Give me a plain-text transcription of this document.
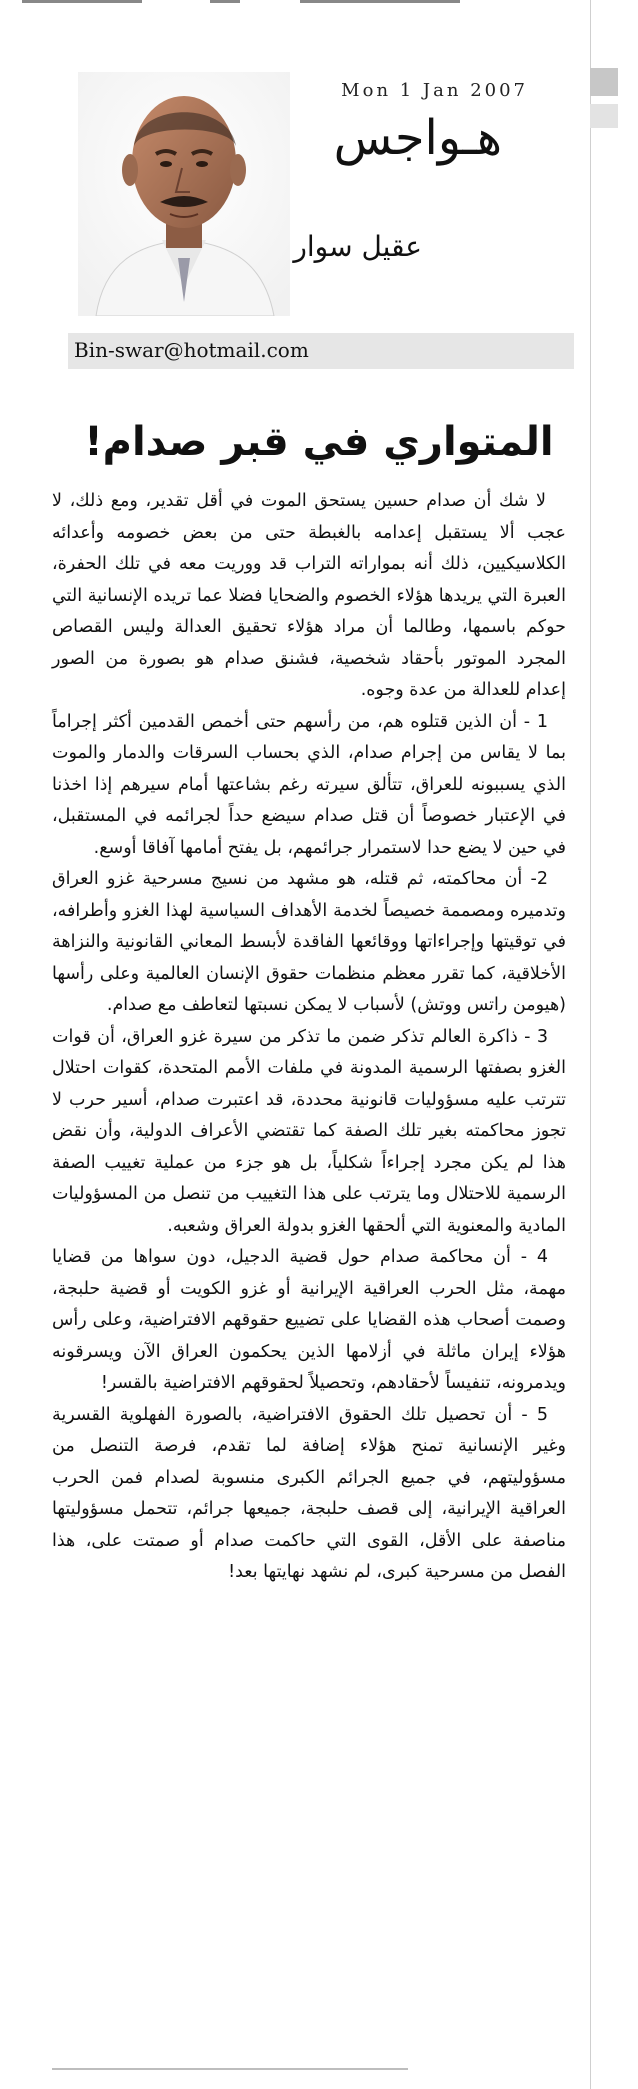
Mon 1 Jan 2007
هـواجس
عقيل سوار
Bin-swar@hotmail.com
المتواري في قبر صدام!

لا شك أن صدام حسين يستحق الموت في أقل تقدير، ومع ذلك، لا عجب ألا يستقبل إعدامه بالغبطة حتى من بعض خصومه وأعدائه الكلاسيكيين، ذلك أنه بمواراته التراب قد ووريت معه في تلك الحفرة، العبرة التي يريدها هؤلاء الخصوم والضحايا فضلا عما تريده الإنسانية التي حوكم باسمها، وطالما أن مراد هؤلاء تحقيق العدالة وليس القصاص المجرد الموتور بأحقاد شخصية، فشنق صدام هو بصورة من الصور إعدام للعدالة من عدة وجوه.

1 - أن الذين قتلوه هم، من رأسهم حتى أخمص القدمين أكثر إجراماً بما لا يقاس من إجرام صدام، الذي بحساب السرقات والدمار والموت الذي يسببونه للعراق، تتألق سيرته رغم بشاعتها أمام سيرهم إذا اخذنا في الإعتبار خصوصاً أن قتل صدام سيضع حداً لجرائمه في المستقبل، في حين لا يضع حدا لاستمرار جرائمهم، بل يفتح أمامها آفاقا أوسع.

2- أن محاكمته، ثم قتله، هو مشهد من نسيج مسرحية غزو العراق وتدميره ومصممة خصيصاً لخدمة الأهداف السياسية لهذا الغزو وأطرافه، في توقيتها وإجراءاتها ووقائعها الفاقدة لأبسط المعاني القانونية والنزاهة الأخلاقية، كما تقرر معظم منظمات حقوق الإنسان العالمية وعلى رأسها (هيومن راتس ووتش) لأسباب لا يمكن نسبتها لتعاطف مع صدام.

3 - ذاكرة العالم تذكر ضمن ما تذكر من سيرة غزو العراق، أن قوات الغزو بصفتها الرسمية المدونة في ملفات الأمم المتحدة، كقوات احتلال تترتب عليه مسؤوليات قانونية محددة، قد اعتبرت صدام، أسير حرب لا تجوز محاكمته بغير تلك الصفة كما تقتضي الأعراف الدولية، وأن نقض هذا لم يكن مجرد إجراءاً شكلياً، بل هو جزء من عملية تغييب الصفة الرسمية للاحتلال وما يترتب على هذا التغييب من تنصل من المسؤوليات المادية والمعنوية التي ألحقها الغزو بدولة العراق وشعبه.

4 - أن محاكمة صدام حول قضية الدجيل، دون سواها من قضايا مهمة، مثل الحرب العراقية الإيرانية أو غزو الكويت أو قضية حلبجة، وصمت أصحاب هذه القضايا على تضييع حقوقهم الافتراضية، وعلى رأس هؤلاء إيران ماثلة في أزلامها الذين يحكمون العراق الآن ويسرقونه ويدمرونه، تنفيساً لأحقادهم، وتحصيلاً لحقوقهم الافتراضية بالقسر!

5 - أن تحصيل تلك الحقوق الافتراضية، بالصورة الفهلوية القسرية وغير الإنسانية تمنح هؤلاء إضافة لما تقدم، فرصة التنصل من مسؤوليتهم، في جميع الجرائم الكبرى منسوبة لصدام فمن الحرب العراقية الإيرانية، إلى قصف حلبجة، جميعها جرائم، تتحمل مسؤوليتها مناصفة على الأقل، القوى التي حاكمت صدام أو صمتت على، هذا الفصل من مسرحية كبرى، لم نشهد نهايتها بعد!
